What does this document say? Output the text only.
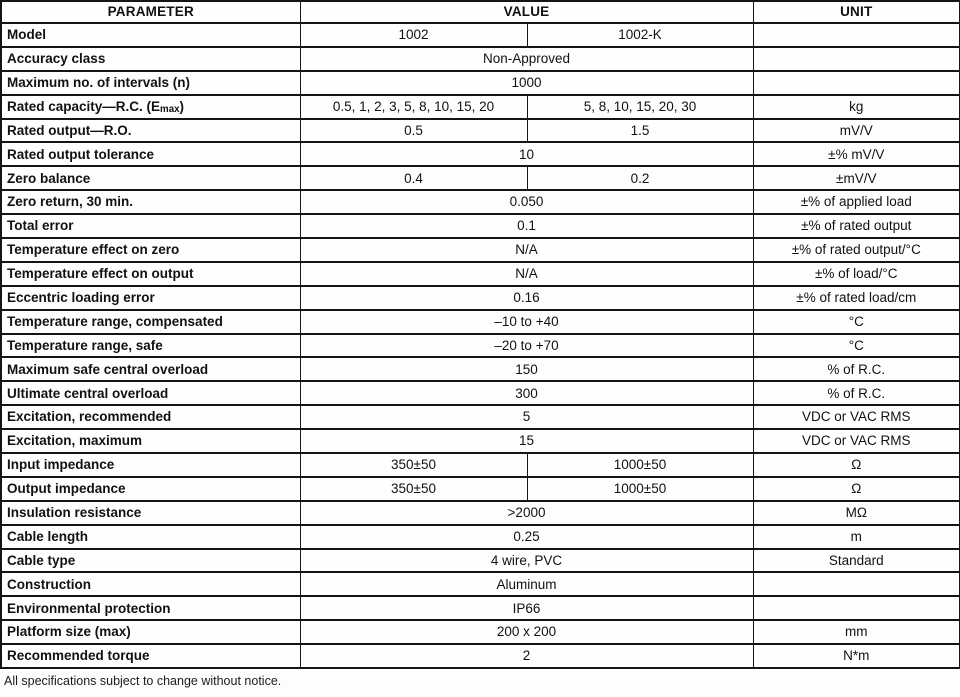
PARAMETER	VALUE		UNIT
Model	1002	1002-K	
Accuracy class	Non-Approved		
Maximum no. of intervals (n)	1000		
Rated capacity—R.C. $(E_{max})$	0.5, 1, 2, 3, 5, 8, 10, 15, 20	5, 8, 10, 15, 20, 30	kg
Rated output—R.O.	0.5	1.5	mV/V
Rated output tolerance	10		±% mV/V
Zero balance	0.4	0.2	±mV/V
Zero return, 30 min.	0.050		±% of applied load
Total error	0.1		±% of rated output
Temperature effect on zero	N/A		±% of rated output/°C
Temperature effect on output	N/A		±% of load/°C
Eccentric loading error	0.16		±% of rated load/cm
Temperature range, compensated	–10 to +40		°C
Temperature range, safe	–20 to +70		°C
Maximum safe central overload	150		% of R.C.
Ultimate central overload	300		% of R.C.
Excitation, recommended	5		VDC or VAC RMS
Excitation, maximum	15		VDC or VAC RMS
Input impedance	350±50	1000±50	Ω
Output impedance	350±50	1000±50	Ω
Insulation resistance	>2000		MΩ
Cable length	0.25		m
Cable type	4 wire, PVC		Standard
Construction	Aluminum		
Environmental protection	IP66		
Platform size (max)	200 x 200		mm
Recommended torque	2		N*m
All specifications subject to change without notice.
